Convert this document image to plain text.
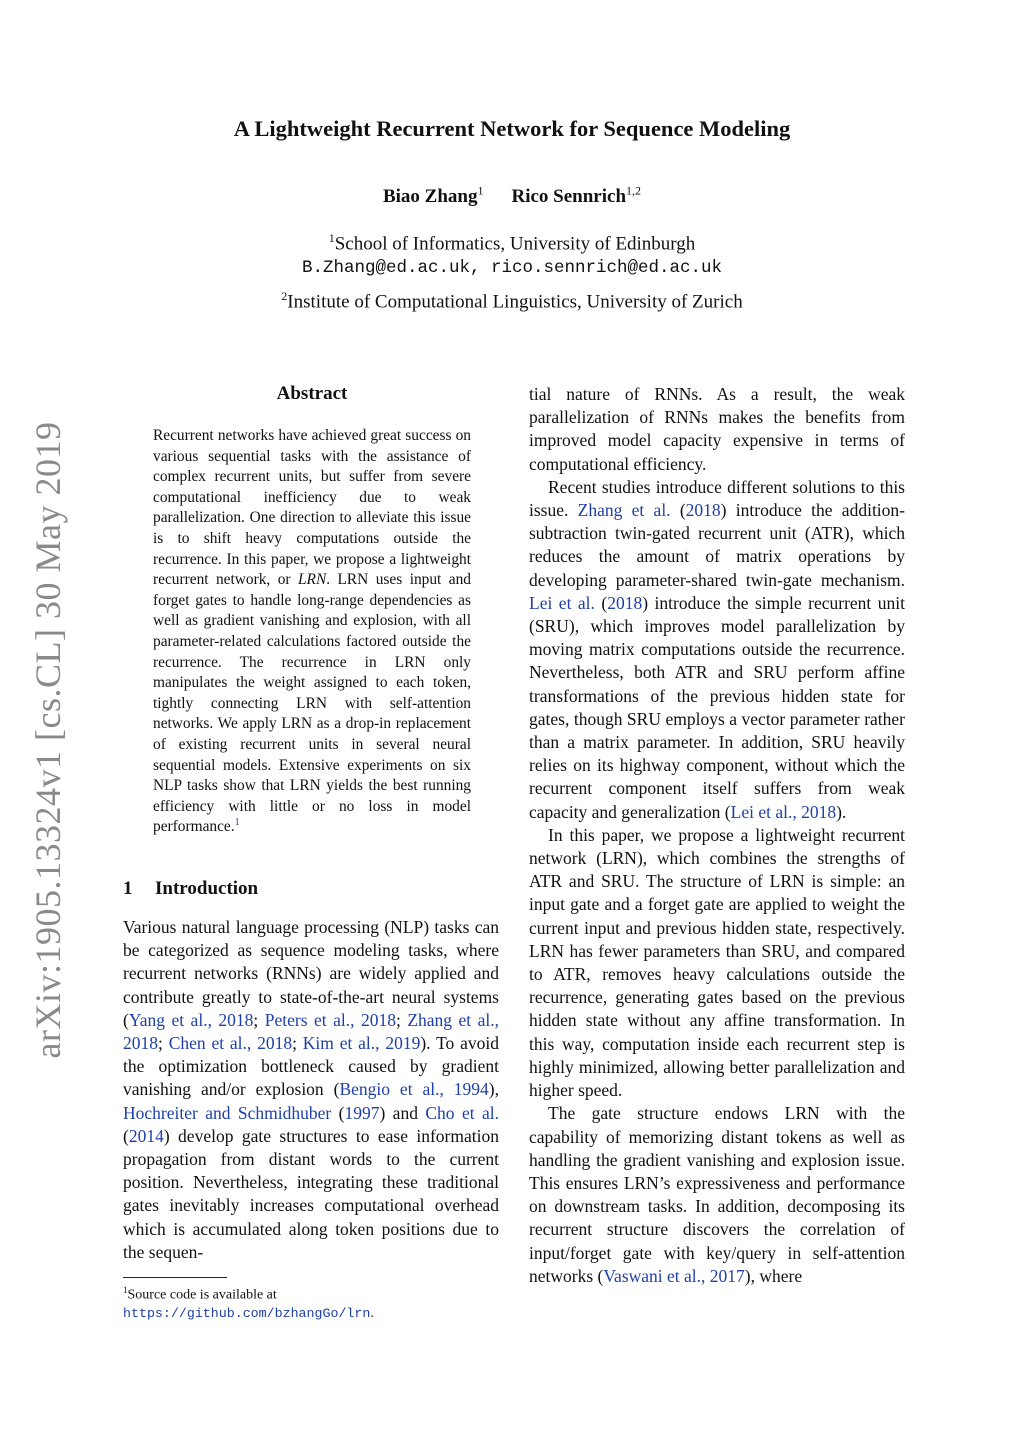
arXiv:1905.13324v1 [cs.CL] 30 May 2019
A Lightweight Recurrent Network for Sequence Modeling
Biao Zhang$^1$ Rico Sennrich$^{1,2}$
$^1$School of Informatics, University of Edinburgh
B.Zhang@ed.ac.uk, rico.sennrich@ed.ac.uk
$^2$Institute of Computational Linguistics, University of Zurich
Abstract
Recurrent networks have achieved great success on various sequential tasks with the assistance of complex recurrent units, but suffer from severe computational inefficiency due to weak parallelization. One direction to alleviate this issue is to shift heavy computations outside the recurrence. In this paper, we propose a lightweight recurrent network, or LRN. LRN uses input and forget gates to handle long-range dependencies as well as gradient vanishing and explosion, with all parameter-related calculations factored outside the recurrence. The recurrence in LRN only manipulates the weight assigned to each token, tightly connecting LRN with self-attention networks. We apply LRN as a drop-in replacement of existing recurrent units in several neural sequential models. Extensive experiments on six NLP tasks show that LRN yields the best running efficiency with little or no loss in model performance.$^1$
1 Introduction

Various natural language processing (NLP) tasks can be categorized as sequence modeling tasks, where recurrent networks (RNNs) are widely applied and contribute greatly to state-of-the-art neural systems (Yang et al., 2018; Peters et al., 2018; Zhang et al., 2018; Chen et al., 2018; Kim et al., 2019). To avoid the optimization bottleneck caused by gradient vanishing and/or explosion (Bengio et al., 1994), Hochreiter and Schmidhuber (1997) and Cho et al. (2014) develop gate structures to ease information propagation from distant words to the current position. Nevertheless, integrating these traditional gates inevitably increases computational overhead which is accumulated along token positions due to the sequen-

tial nature of RNNs. As a result, the weak parallelization of RNNs makes the benefits from improved model capacity expensive in terms of computational efficiency.

Recent studies introduce different solutions to this issue. Zhang et al. (2018) introduce the addition-subtraction twin-gated recurrent unit (ATR), which reduces the amount of matrix operations by developing parameter-shared twin-gate mechanism. Lei et al. (2018) introduce the simple recurrent unit (SRU), which improves model parallelization by moving matrix computations outside the recurrence. Nevertheless, both ATR and SRU perform affine transformations of the previous hidden state for gates, though SRU employs a vector parameter rather than a matrix parameter. In addition, SRU heavily relies on its highway component, without which the recurrent component itself suffers from weak capacity and generalization (Lei et al., 2018).

In this paper, we propose a lightweight recurrent network (LRN), which combines the strengths of ATR and SRU. The structure of LRN is simple: an input gate and a forget gate are applied to weight the current input and previous hidden state, respectively. LRN has fewer parameters than SRU, and compared to ATR, removes heavy calculations outside the recurrence, generating gates based on the previous hidden state without any affine transformation. In this way, computation inside each recurrent step is highly minimized, allowing better parallelization and higher speed.

The gate structure endows LRN with the capability of memorizing distant tokens as well as handling the gradient vanishing and explosion issue. This ensures LRN’s expressiveness and performance on downstream tasks. In addition, decomposing its recurrent structure discovers the correlation of input/forget gate with key/query in self-attention networks (Vaswani et al., 2017), where

$^1$Source code is available at https://github.com/bzhangGo/lrn.
